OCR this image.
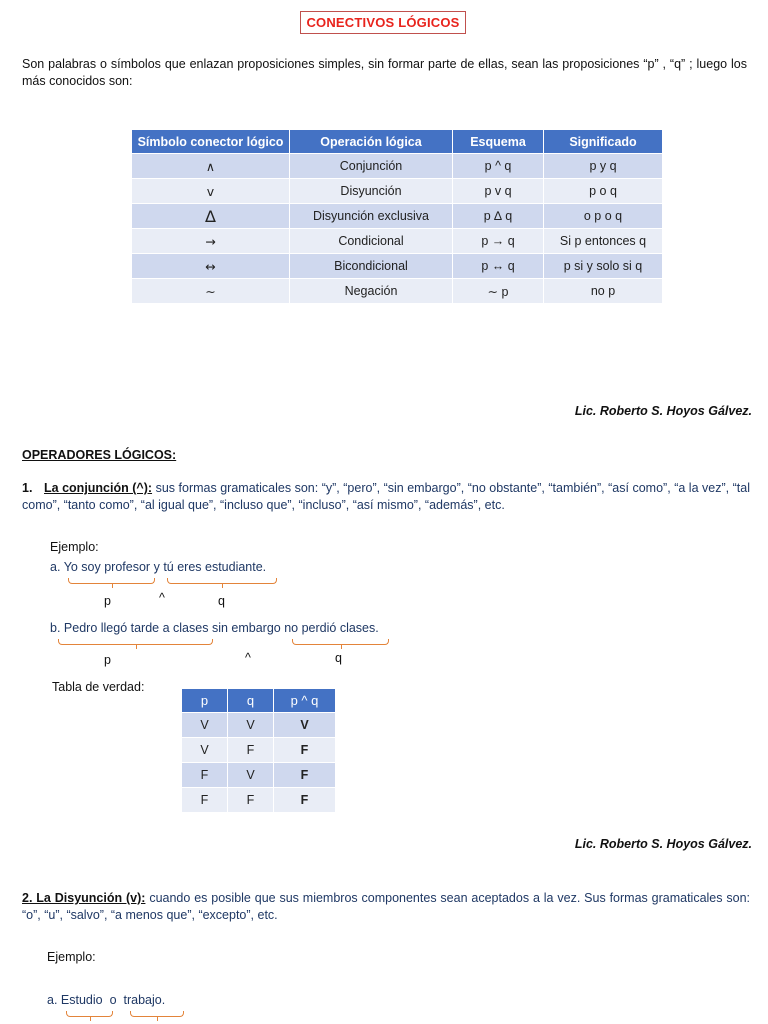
CONECTIVOS LÓGICOS
Son palabras o símbolos que enlazan proposiciones simples, sin formar parte de ellas, sean las proposiciones “p” , “q” ; luego los más conocidos son:
Símbolo conector lógico	Operación lógica	Esquema	Significado
∧	Conjunción	p ^ q	p y q
v	Disyunción	p v q	p o q
∆	Disyunción exclusiva	p ∆ q	o p o q
→	Condicional	p → q	Si p entonces q
↔	Bicondicional	p ↔ q	p si y solo si q
∼	Negación	∼ p	no p
Lic. Roberto S. Hoyos Gálvez.
OPERADORES LÓGICOS:
1. La conjunción (^): sus formas gramaticales son: “y”, “pero”, “sin embargo”, “no obstante”, “también”, “así como”, “a la vez”, “tal como”, “tanto como”, “al igual que”, “incluso que”, “incluso”, “así mismo”, “además”, etc.
Ejemplo:
a. Yo soy profesor y tú eres estudiante.
p	^	q
b. Pedro llegó tarde a clases sin embargo no perdió clases.
p	^	q
Tabla de verdad:
p	q	p ^ q
V	V	V
V	F	F
F	V	F
F	F	F
Lic. Roberto S. Hoyos Gálvez.
2. La Disyunción (v): cuando es posible que sus miembros componentes sean aceptados a la vez. Sus formas gramaticales son: “o”, “u”, “salvo”, “a menos que”, “excepto”, etc.
Ejemplo:
a. Estudio o trabajo.
